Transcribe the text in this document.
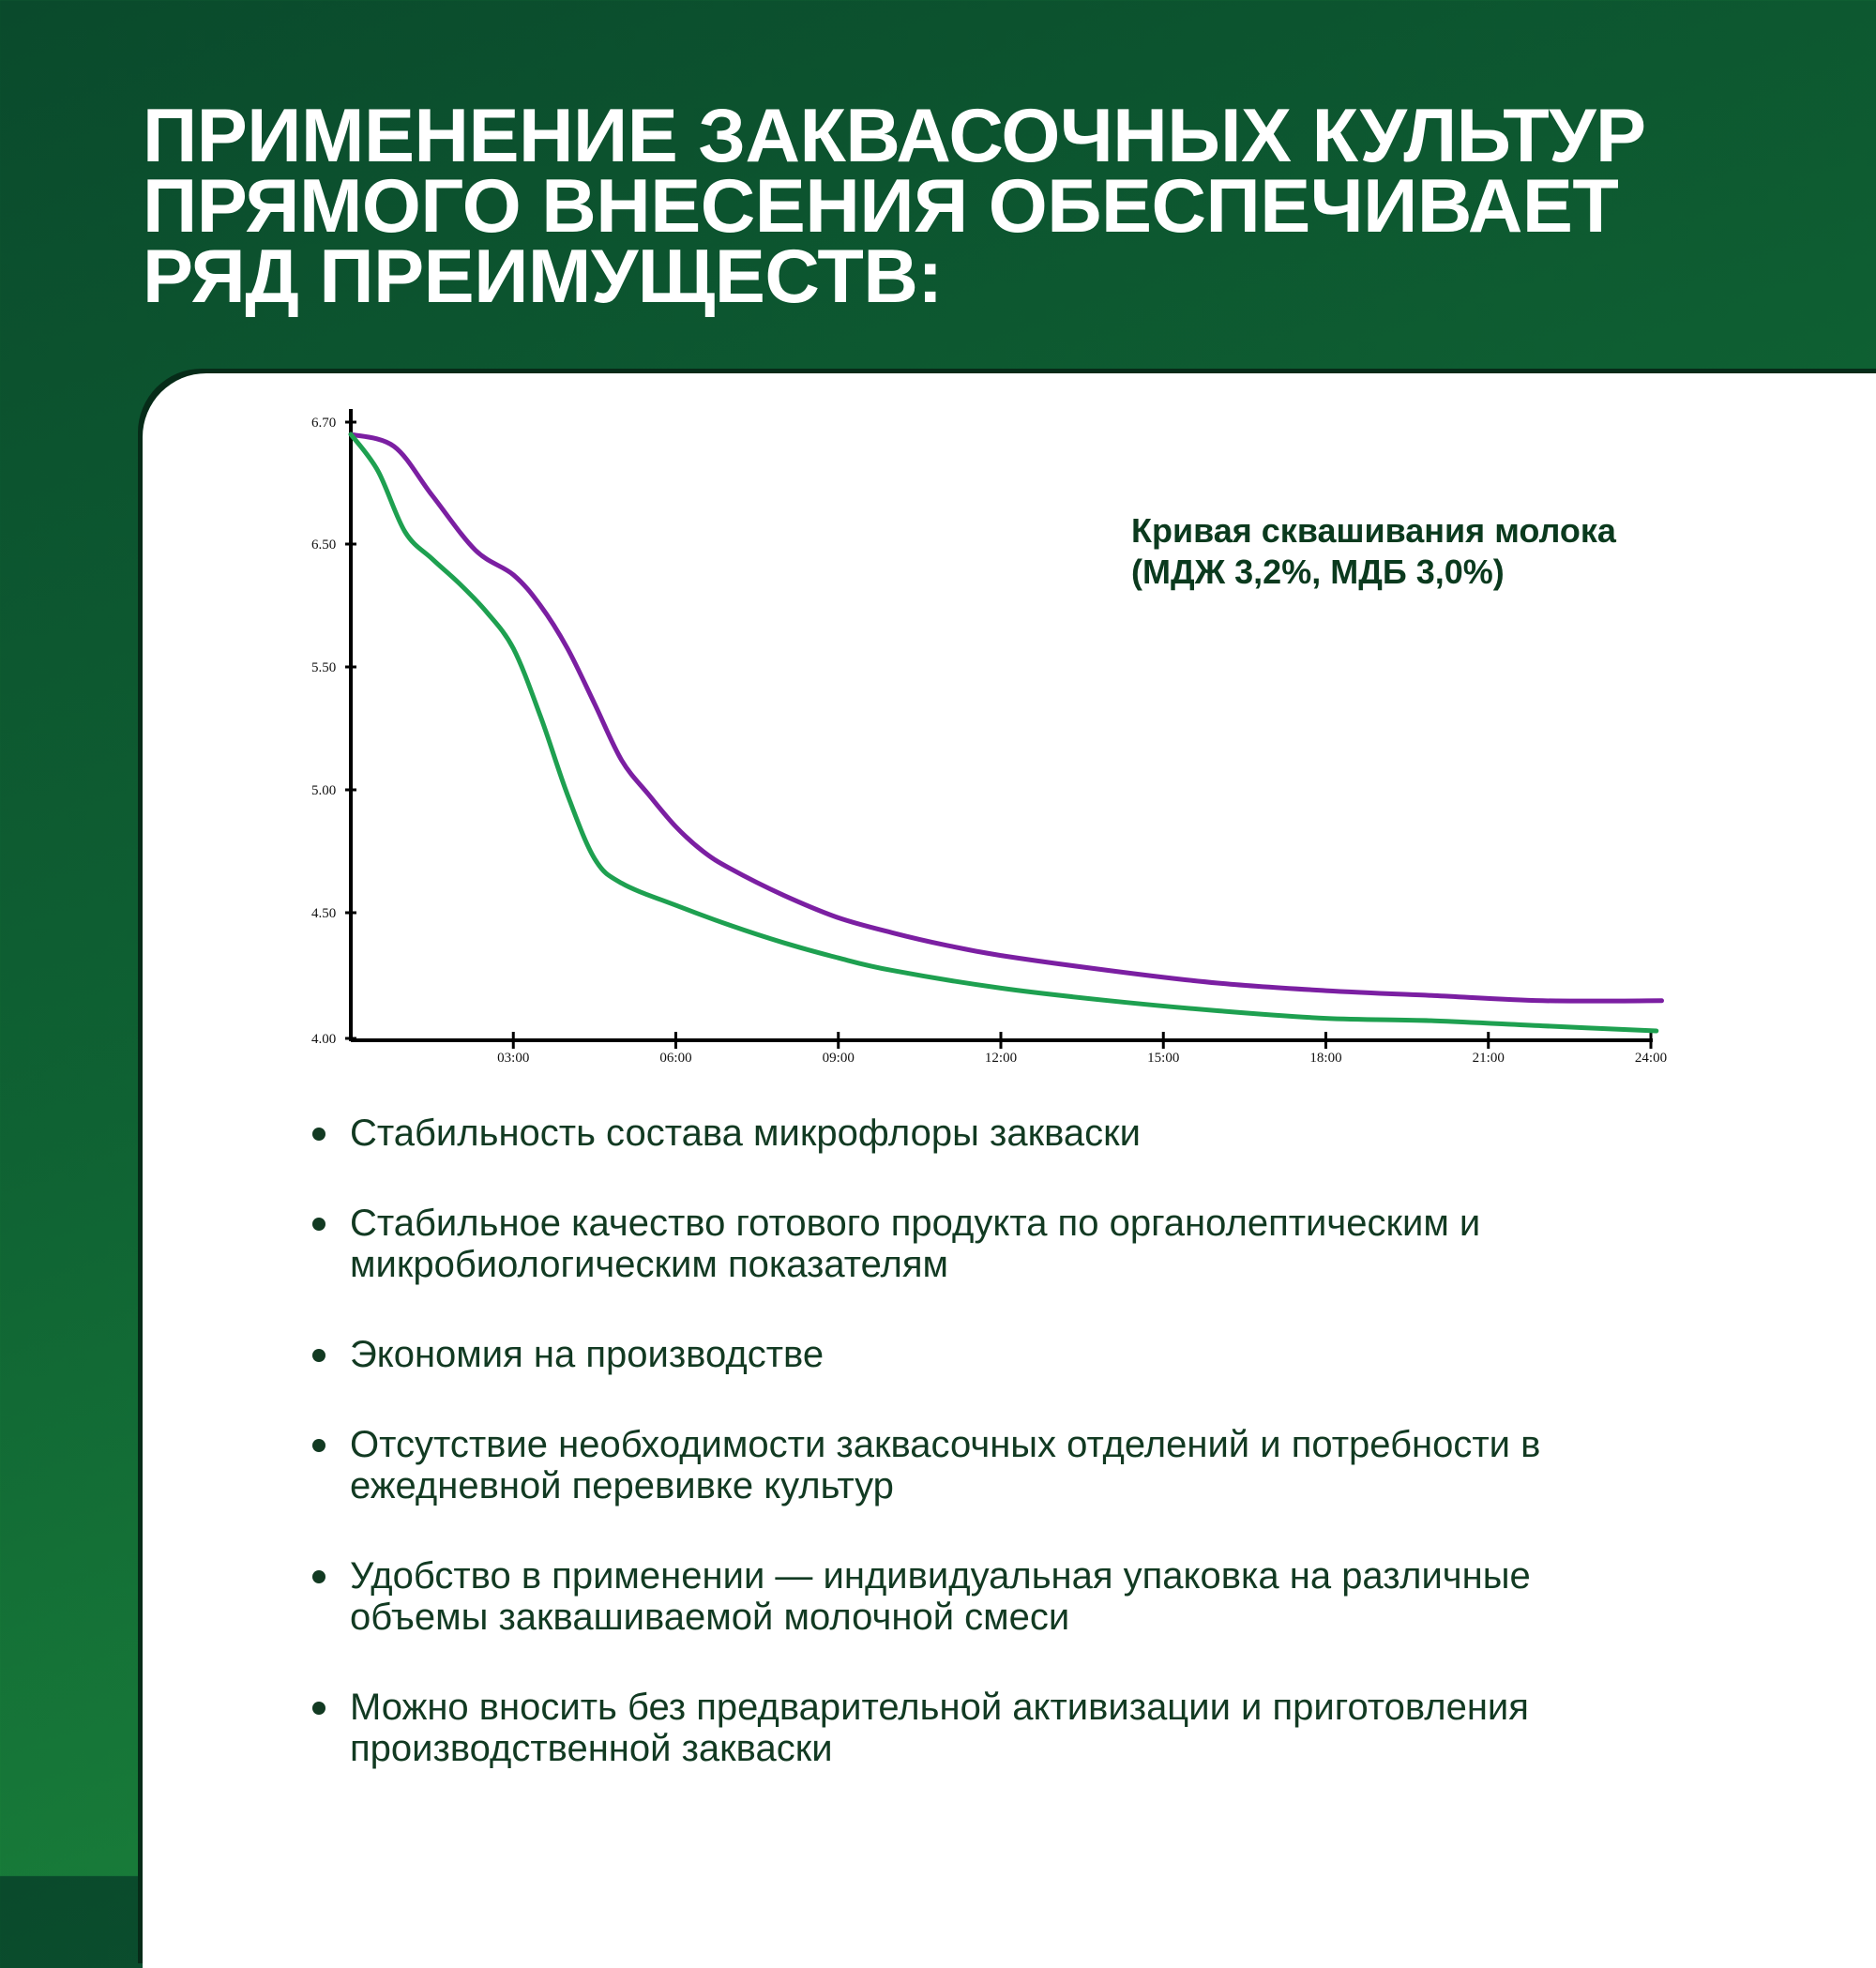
ПРИМЕНЕНИЕ ЗАКВАСОЧНЫХ КУЛЬТУР
ПРЯМОГО ВНЕСЕНИЯ ОБЕСПЕЧИВАЕТ
РЯД ПРЕИМУЩЕСТВ:
4.00
4.50
5.00
5.50
6.50
6.70
03:00	06:00	09:00	12:00	15:00	18:00	21:00	24:00

Кривая сквашивания молока
(МДЖ 3,2%, МДБ 3,0%)

Стабильность состава микрофлоры закваски
Стабильное качество готового продукта по органолептическим и
микробиологическим показателям
Экономия на производстве
Отсутствие необходимости заквасочных отделений и потребности в
ежедневной перевивке культур
Удобство в применении — индивидуальная упаковка на различные
объемы заквашиваемой молочной смеси
Можно вносить без предварительной активизации и приготовления
производственной закваски
